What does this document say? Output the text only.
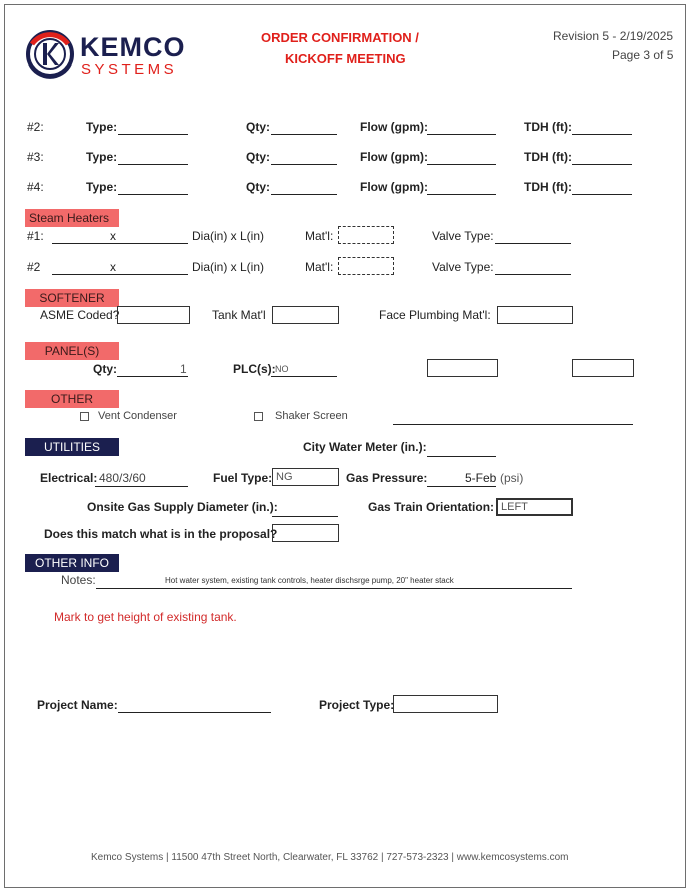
KEMCO
SYSTEMS
ORDER CONFIRMATION /
KICKOFF MEETING
Revision 5 - 2/19/2025
Page 3 of 5
#2:	Type:	Qty:	Flow (gpm):	TDH (ft):
#3:	Type:	Qty:	Flow (gpm):	TDH (ft):
#4:	Type:	Qty:	Flow (gpm):	TDH (ft):
Steam Heaters
#1:	x	Dia(in) x L(in)	Mat'l:	Valve Type:
#2	x	Dia(in) x L(in)	Mat'l:	Valve Type:
SOFTENER
ASME Coded?	Tank Mat'l	Face Plumbing Mat'l:
PANEL(S)
Qty:	1	PLC(s): NO
OTHER
Vent Condenser	Shaker Screen
UTILITIES	City Water Meter (in.):
Electrical: 480/3/60	Fuel Type: NG	Gas Pressure:	5-Feb (psi)
Onsite Gas Supply Diameter (in.):	Gas Train Orientation: LEFT
Does this match what is in the proposal?
OTHER INFO
Notes:	Hot water system, existing tank controls, heater dischsrge pump, 20" heater stack
Mark to get height of existing tank.
Project Name:	Project Type:
Kemco Systems | 11500 47th Street North, Clearwater, FL 33762 | 727-573-2323 | www.kemcosystems.com
